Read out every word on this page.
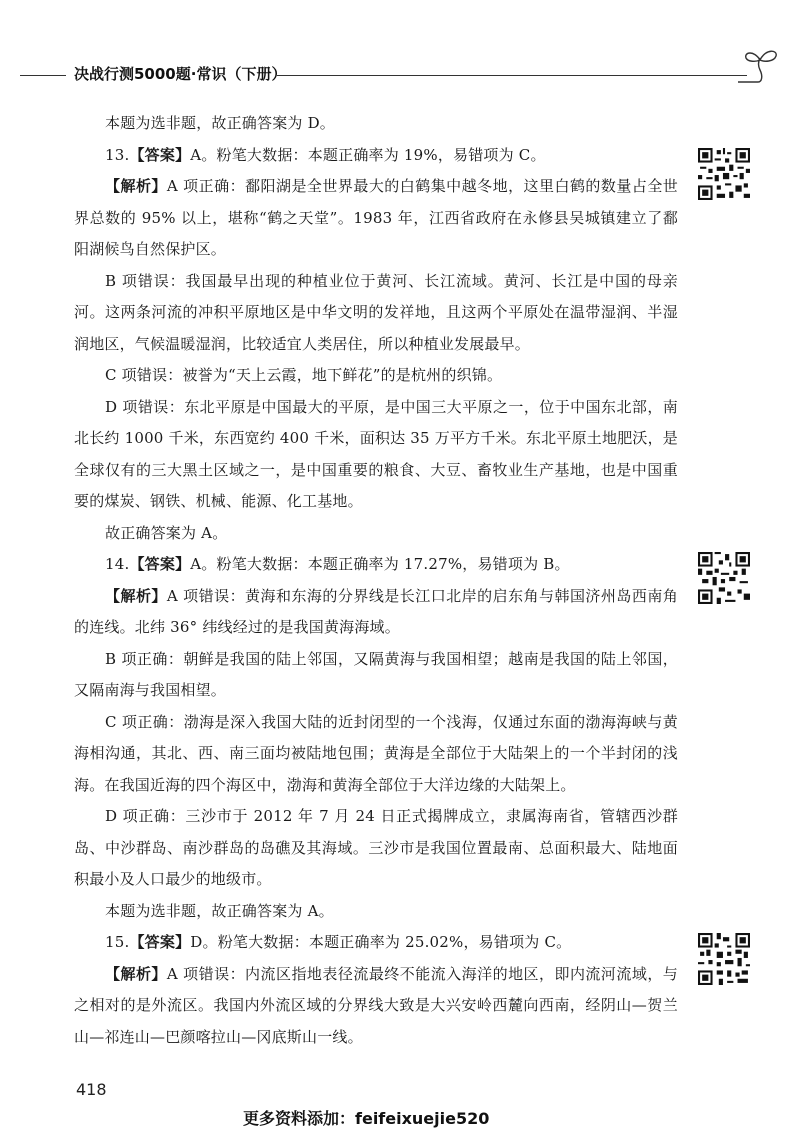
决战行测5000题·常识（下册）

本题为选非题，故正确答案为 D。

13.【答案】A。粉笔大数据：本题正确率为 19%，易错项为 C。

【解析】A 项正确：鄱阳湖是全世界最大的白鹤集中越冬地，这里白鹤的数量占全世界总数的 95% 以上，堪称“鹤之天堂”。1983 年，江西省政府在永修县吴城镇建立了鄱阳湖候鸟自然保护区。

B 项错误：我国最早出现的种植业位于黄河、长江流域。黄河、长江是中国的母亲河。这两条河流的冲积平原地区是中华文明的发祥地，且这两个平原处在温带湿润、半湿润地区，气候温暖湿润，比较适宜人类居住，所以种植业发展最早。

C 项错误：被誉为“天上云霞，地下鲜花”的是杭州的织锦。

D 项错误：东北平原是中国最大的平原，是中国三大平原之一，位于中国东北部，南北长约 1000 千米，东西宽约 400 千米，面积达 35 万平方千米。东北平原土地肥沃，是全球仅有的三大黑土区域之一，是中国重要的粮食、大豆、畜牧业生产基地，也是中国重要的煤炭、钢铁、机械、能源、化工基地。

故正确答案为 A。

14.【答案】A。粉笔大数据：本题正确率为 17.27%，易错项为 B。

【解析】A 项错误：黄海和东海的分界线是长江口北岸的启东角与韩国济州岛西南角的连线。北纬 36° 纬线经过的是我国黄海海域。

B 项正确：朝鲜是我国的陆上邻国，又隔黄海与我国相望；越南是我国的陆上邻国，又隔南海与我国相望。

C 项正确：渤海是深入我国大陆的近封闭型的一个浅海，仅通过东面的渤海海峡与黄海相沟通，其北、西、南三面均被陆地包围；黄海是全部位于大陆架上的一个半封闭的浅海。在我国近海的四个海区中，渤海和黄海全部位于大洋边缘的大陆架上。

D 项正确：三沙市于 2012 年 7 月 24 日正式揭牌成立，隶属海南省，管辖西沙群岛、中沙群岛、南沙群岛的岛礁及其海域。三沙市是我国位置最南、总面积最大、陆地面积最小及人口最少的地级市。

本题为选非题，故正确答案为 A。

15.【答案】D。粉笔大数据：本题正确率为 25.02%，易错项为 C。

【解析】A 项错误：内流区指地表径流最终不能流入海洋的地区，即内流河流域，与之相对的是外流区。我国内外流区域的分界线大致是大兴安岭西麓向西南，经阴山—贺兰山—祁连山—巴颜喀拉山—冈底斯山一线。

418
更多资料添加：feifeixuejie520
